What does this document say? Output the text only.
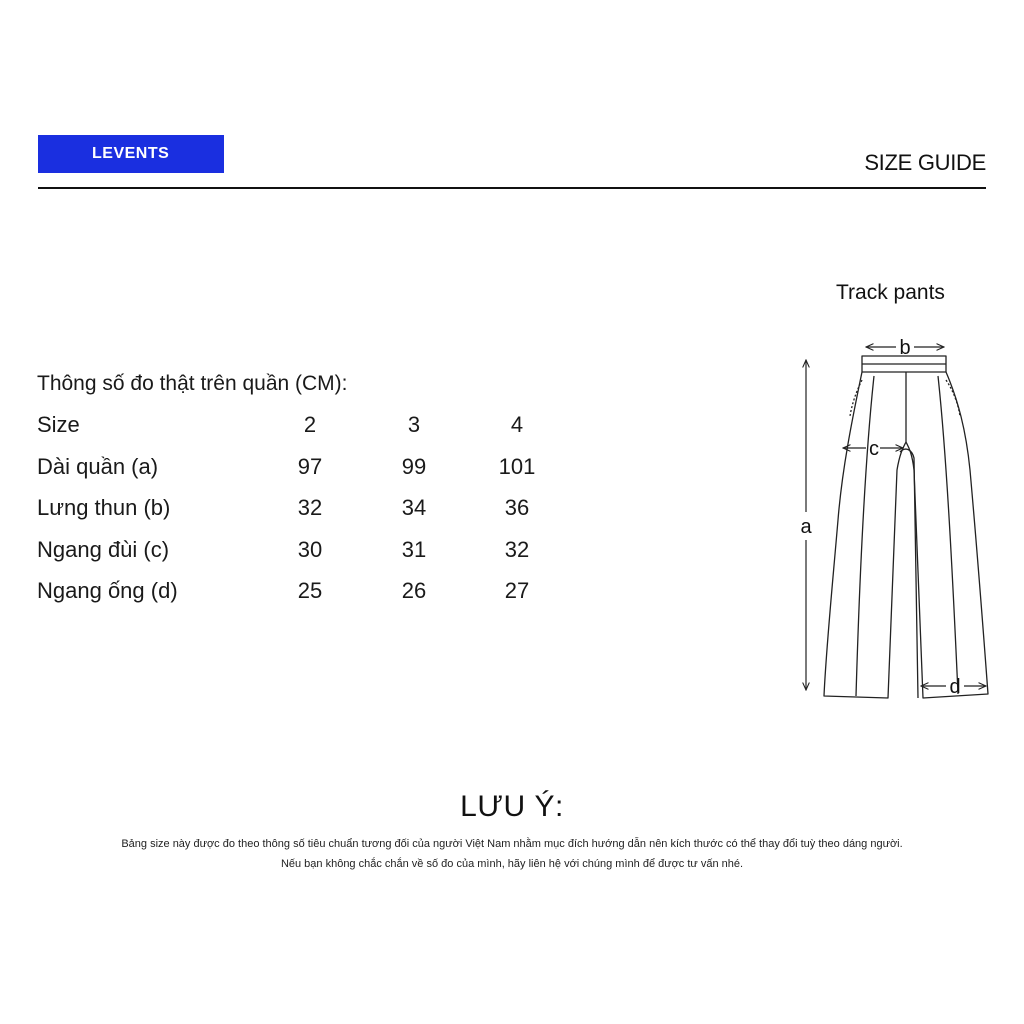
LEVENTS	SIZE GUIDE
Track pants
Thông số đo thật trên quần (CM):
Size	2	3	4
Dài quần (a)	97	99	101
Lưng thun (b)	32	34	36
Ngang đùi (c)	30	31	32
Ngang ống (d)	25	26	27
b
a
c
d
LƯU Ý:
Bảng size này được đo theo thông số tiêu chuẩn tương đối của người Việt Nam nhằm mục đích hướng dẫn nên kích thước có thể thay đổi tuỳ theo dáng người.
Nếu bạn không chắc chắn về số đo của mình, hãy liên hệ với chúng mình để được tư vấn nhé.
